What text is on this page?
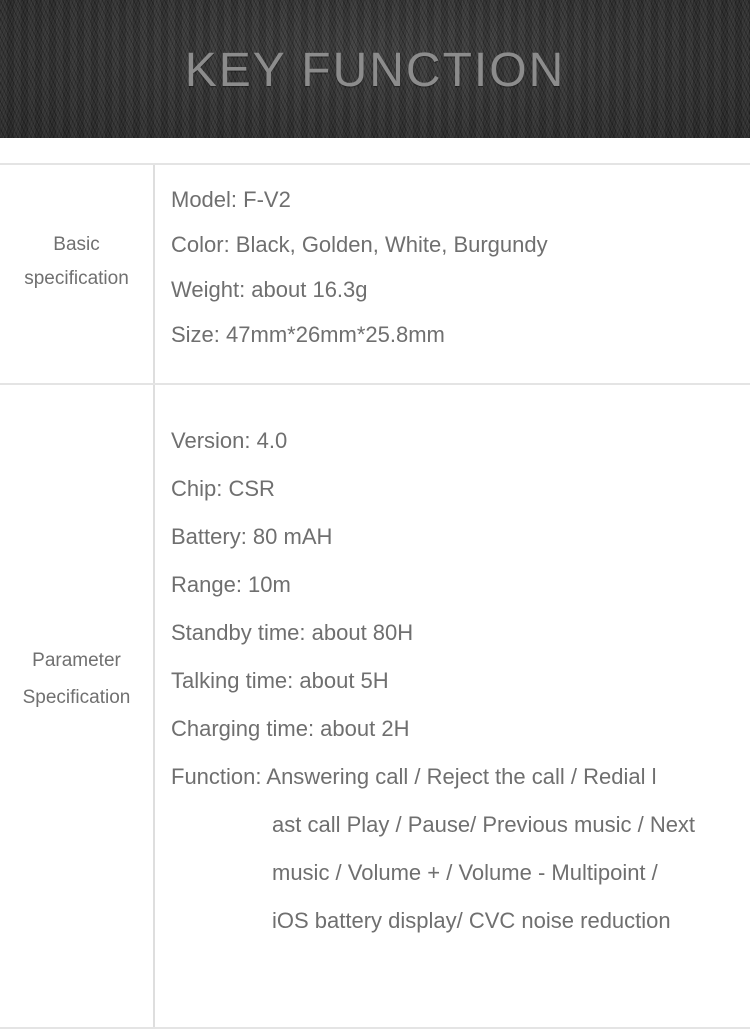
KEY FUNCTION
Basic
specification
Model: F-V2
Color: Black, Golden, White, Burgundy
Weight: about 16.3g
Size: 47mm*26mm*25.8mm
Parameter
Specification
Version: 4.0
Chip: CSR
Battery: 80 mAH
Range: 10m
Standby time: about 80H
Talking time: about 5H
Charging time: about 2H
Function: Answering call / Reject the call / Redial l
ast call Play / Pause/ Previous music / Next
music / Volume + / Volume - Multipoint /
iOS battery display/ CVC noise reduction
